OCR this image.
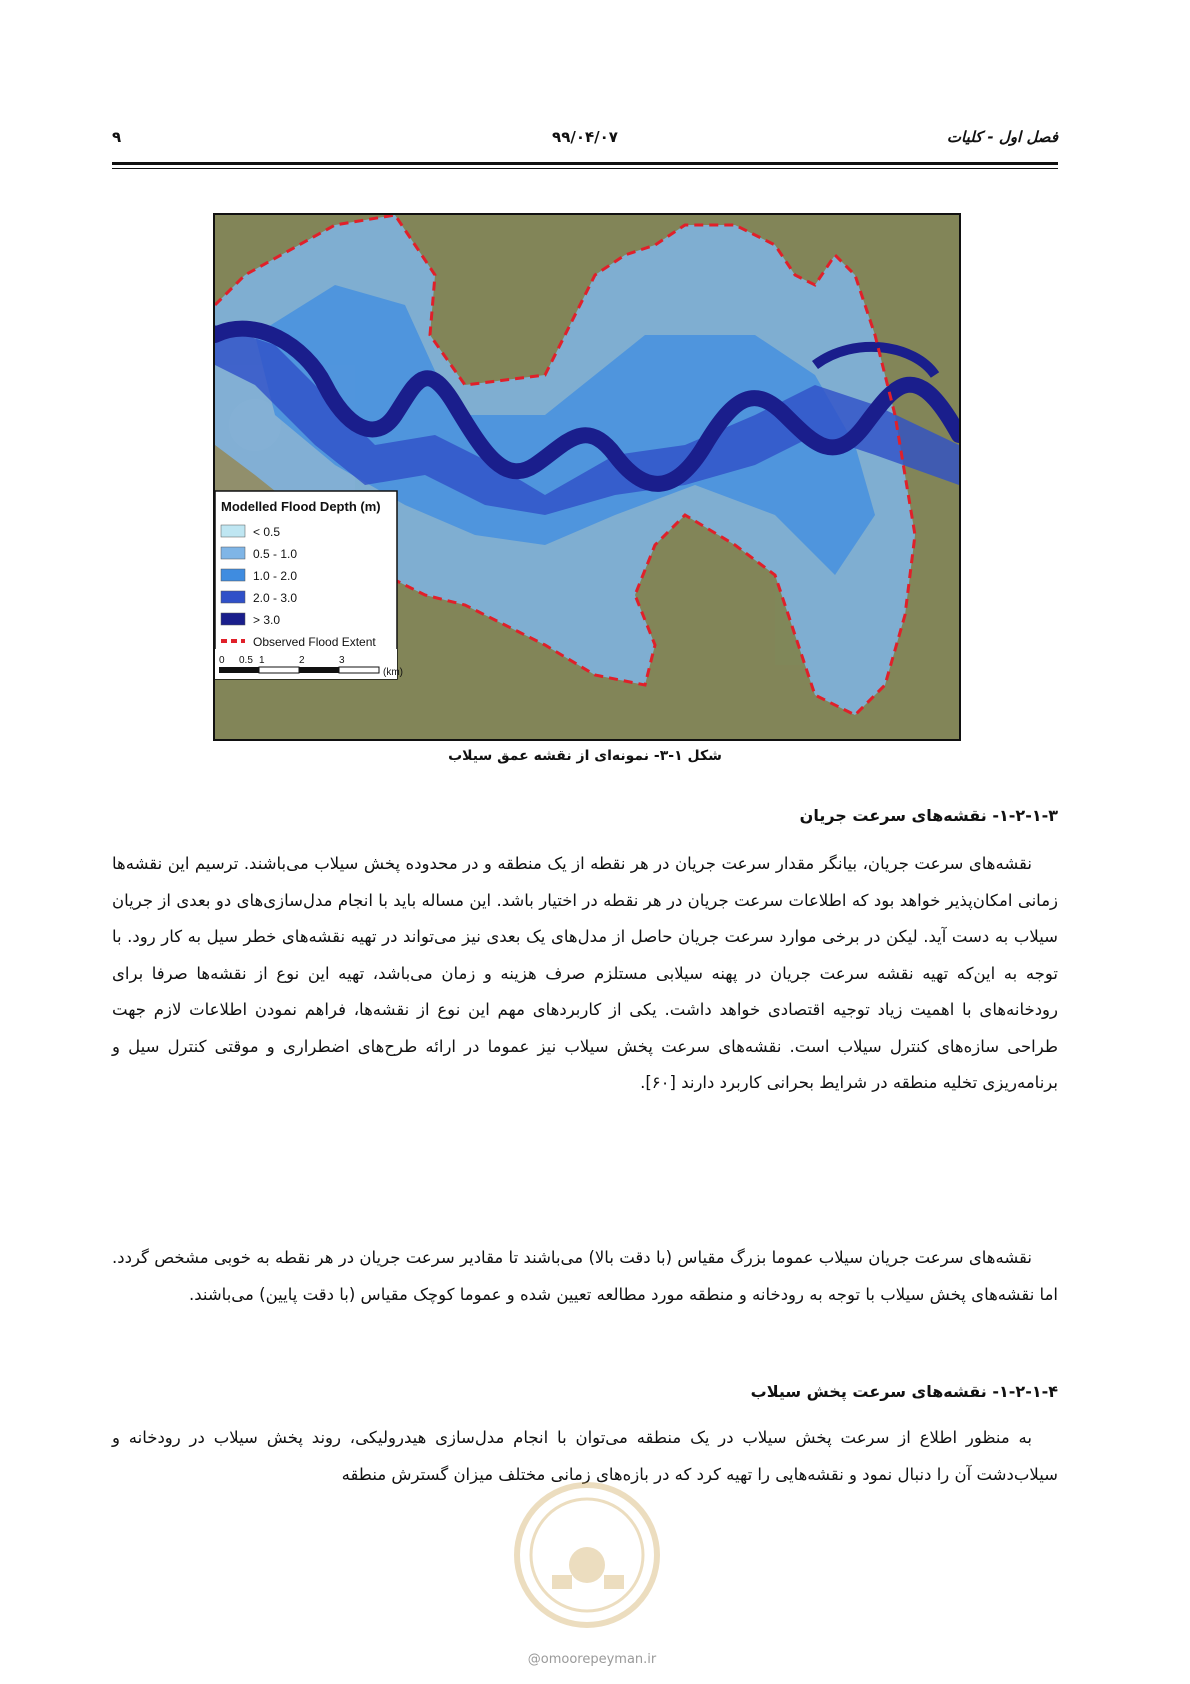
فصل اول - کلیات
۹۹/۰۴/۰۷
۹
Modelled Flood Depth (m)
< 0.5
0.5 - 1.0
1.0 - 2.0
2.0 - 3.0
> 3.0
Observed Flood Extent
0 0.5 1	2	3
(km)
شکل ۱-۳- نمونه‌ای از نقشه عمق سیلاب
۱-۲-۱-۳- نقشه‌های سرعت جریان
نقشه‌های سرعت جریان، بیانگر مقدار سرعت جریان در هر نقطه از یک منطقه و در محدوده پخش سیلاب می‌باشند. ترسیم این نقشه‌ها زمانی امکان‌پذیر خواهد بود که اطلاعات سرعت جریان در هر نقطه در اختیار باشد. این مساله باید با انجام مدل‌سازی‌های دو بعدی از جریان سیلاب به دست آید. لیکن در برخی موارد سرعت جریان حاصل از مدل‌های یک بعدی نیز می‌تواند در تهیه نقشه‌های خطر سیل به کار رود. با توجه به این‌که تهیه نقشه سرعت جریان در پهنه سیلابی مستلزم صرف هزینه و زمان می‌باشد، تهیه این نوع از نقشه‌ها صرفا برای رودخانه‌های با اهمیت زیاد توجیه اقتصادی خواهد داشت. یکی از کاربردهای مهم این نوع از نقشه‌ها، فراهم نمودن اطلاعات لازم جهت طراحی سازه‌های کنترل سیلاب است. نقشه‌های سرعت پخش سیلاب نیز عموما در ارائه طرح‌های اضطراری و موقتی کنترل سیل و برنامه‌ریزی تخلیه منطقه در شرایط بحرانی کاربرد دارند [۶۰].
نقشه‌های سرعت جریان سیلاب عموما بزرگ مقیاس (با دقت بالا) می‌باشند تا مقادیر سرعت جریان در هر نقطه به خوبی مشخص گردد. اما نقشه‌های پخش سیلاب با توجه به رودخانه و منطقه مورد مطالعه تعیین شده و عموما کوچک مقیاس (با دقت پایین) می‌باشند.
۱-۲-۱-۴- نقشه‌های سرعت پخش سیلاب
به منظور اطلاع از سرعت پخش سیلاب در یک منطقه می‌توان با انجام مدل‌سازی هیدرولیکی، روند پخش سیلاب در رودخانه و سیلاب‌دشت آن را دنبال نمود و نقشه‌هایی را تهیه کرد که در بازه‌های زمانی مختلف میزان گسترش منطقه
@omoorepeyman.ir
